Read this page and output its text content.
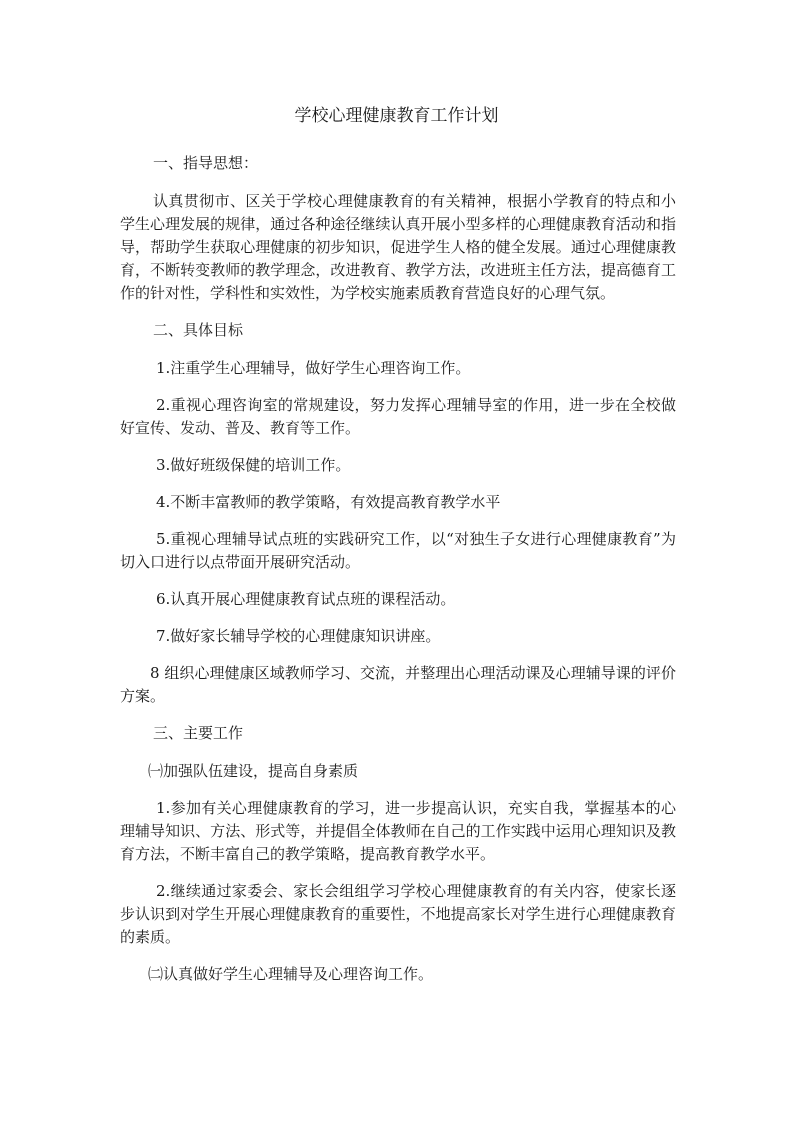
学校心理健康教育工作计划

一、指导思想：

认真贯彻市、区关于学校心理健康教育的有关精神，根据小学教育的特点和小学生心理发展的规律，通过各种途径继续认真开展小型多样的心理健康教育活动和指导，帮助学生获取心理健康的初步知识，促进学生人格的健全发展。通过心理健康教育，不断转变教师的教学理念，改进教育、教学方法，改进班主任方法，提高德育工作的针对性，学科性和实效性，为学校实施素质教育营造良好的心理气氛。

二、具体目标

1.注重学生心理辅导，做好学生心理咨询工作。

2.重视心理咨询室的常规建设，努力发挥心理辅导室的作用，进一步在全校做好宣传、发动、普及、教育等工作。

3.做好班级保健的培训工作。

4.不断丰富教师的教学策略，有效提高教育教学水平

5.重视心理辅导试点班的实践研究工作，以“对独生子女进行心理健康教育”为切入口进行以点带面开展研究活动。

6.认真开展心理健康教育试点班的课程活动。

7.做好家长辅导学校的心理健康知识讲座。

8 组织心理健康区域教师学习、交流，并整理出心理活动课及心理辅导课的评价方案。

三、主要工作

㈠加强队伍建设，提高自身素质

1.参加有关心理健康教育的学习，进一步提高认识，充实自我，掌握基本的心理辅导知识、方法、形式等，并提倡全体教师在自己的工作实践中运用心理知识及教育方法，不断丰富自己的教学策略，提高教育教学水平。

2.继续通过家委会、家长会组组学习学校心理健康教育的有关内容，使家长逐步认识到对学生开展心理健康教育的重要性，不地提高家长对学生进行心理健康教育的素质。

㈡认真做好学生心理辅导及心理咨询工作。
